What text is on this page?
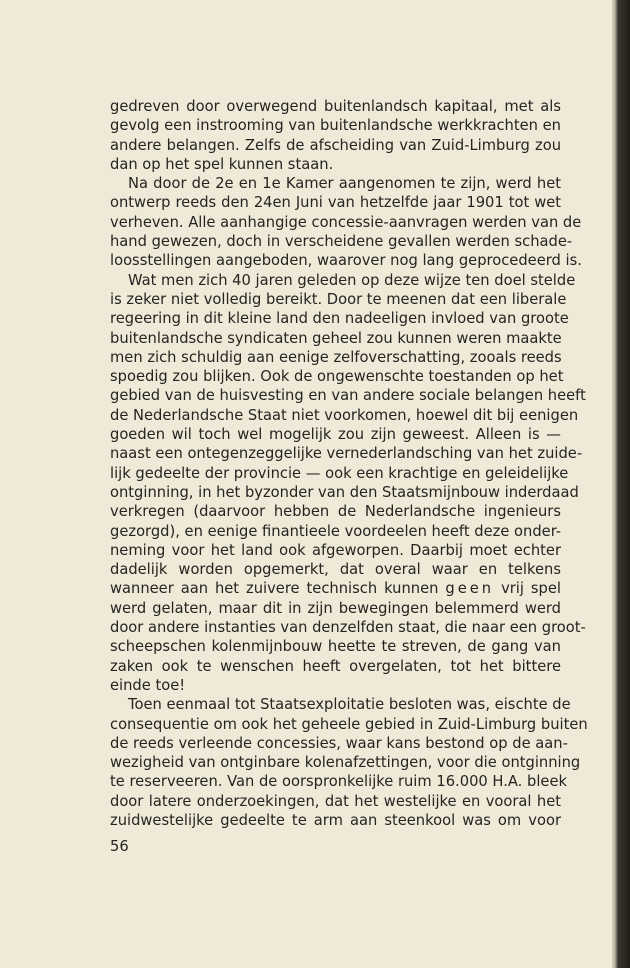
gedreven door overwegend buitenlandsch kapitaal, met als
gevolg een instrooming van buitenlandsche werkkrachten en
andere belangen. Zelfs de afscheiding van Zuid-Limburg zou
dan op het spel kunnen staan.
Na door de 2e en 1e Kamer aangenomen te zijn, werd het
ontwerp reeds den 24en Juni van hetzelfde jaar 1901 tot wet
verheven. Alle aanhangige concessie-aanvragen werden van de
hand gewezen, doch in verscheidene gevallen werden schade-
loosstellingen aangeboden, waarover nog lang geprocedeerd is.
Wat men zich 40 jaren geleden op deze wijze ten doel stelde
is zeker niet volledig bereikt. Door te meenen dat een liberale
regeering in dit kleine land den nadeeligen invloed van groote
buitenlandsche syndicaten geheel zou kunnen weren maakte
men zich schuldig aan eenige zelfoverschatting, zooals reeds
spoedig zou blijken. Ook de ongewenschte toestanden op het
gebied van de huisvesting en van andere sociale belangen heeft
de Nederlandsche Staat niet voorkomen, hoewel dit bij eenigen
goeden wil toch wel mogelijk zou zijn geweest. Alleen is —
naast een ontegenzeggelijke vernederlandsching van het zuide-
lijk gedeelte der provincie — ook een krachtige en geleidelijke
ontginning, in het byzonder van den Staatsmijnbouw inderdaad
verkregen (daarvoor hebben de Nederlandsche ingenieurs
gezorgd), en eenige finantieele voordeelen heeft deze onder-
neming voor het land ook afgeworpen. Daarbij moet echter
dadelijk worden opgemerkt, dat overal waar en telkens
wanneer aan het zuivere technisch kunnen geen vrij spel
werd gelaten, maar dit in zijn bewegingen belemmerd werd
door andere instanties van denzelfden staat, die naar een groot-
scheepschen kolenmijnbouw heette te streven, de gang van
zaken ook te wenschen heeft overgelaten, tot het bittere
einde toe!
Toen eenmaal tot Staatsexploitatie besloten was, eischte de
consequentie om ook het geheele gebied in Zuid-Limburg buiten
de reeds verleende concessies, waar kans bestond op de aan-
wezigheid van ontginbare kolenafzettingen, voor die ontginning
te reserveeren. Van de oorspronkelijke ruim 16.000 H.A. bleek
door latere onderzoekingen, dat het westelijke en vooral het
zuidwestelijke gedeelte te arm aan steenkool was om voor
56
